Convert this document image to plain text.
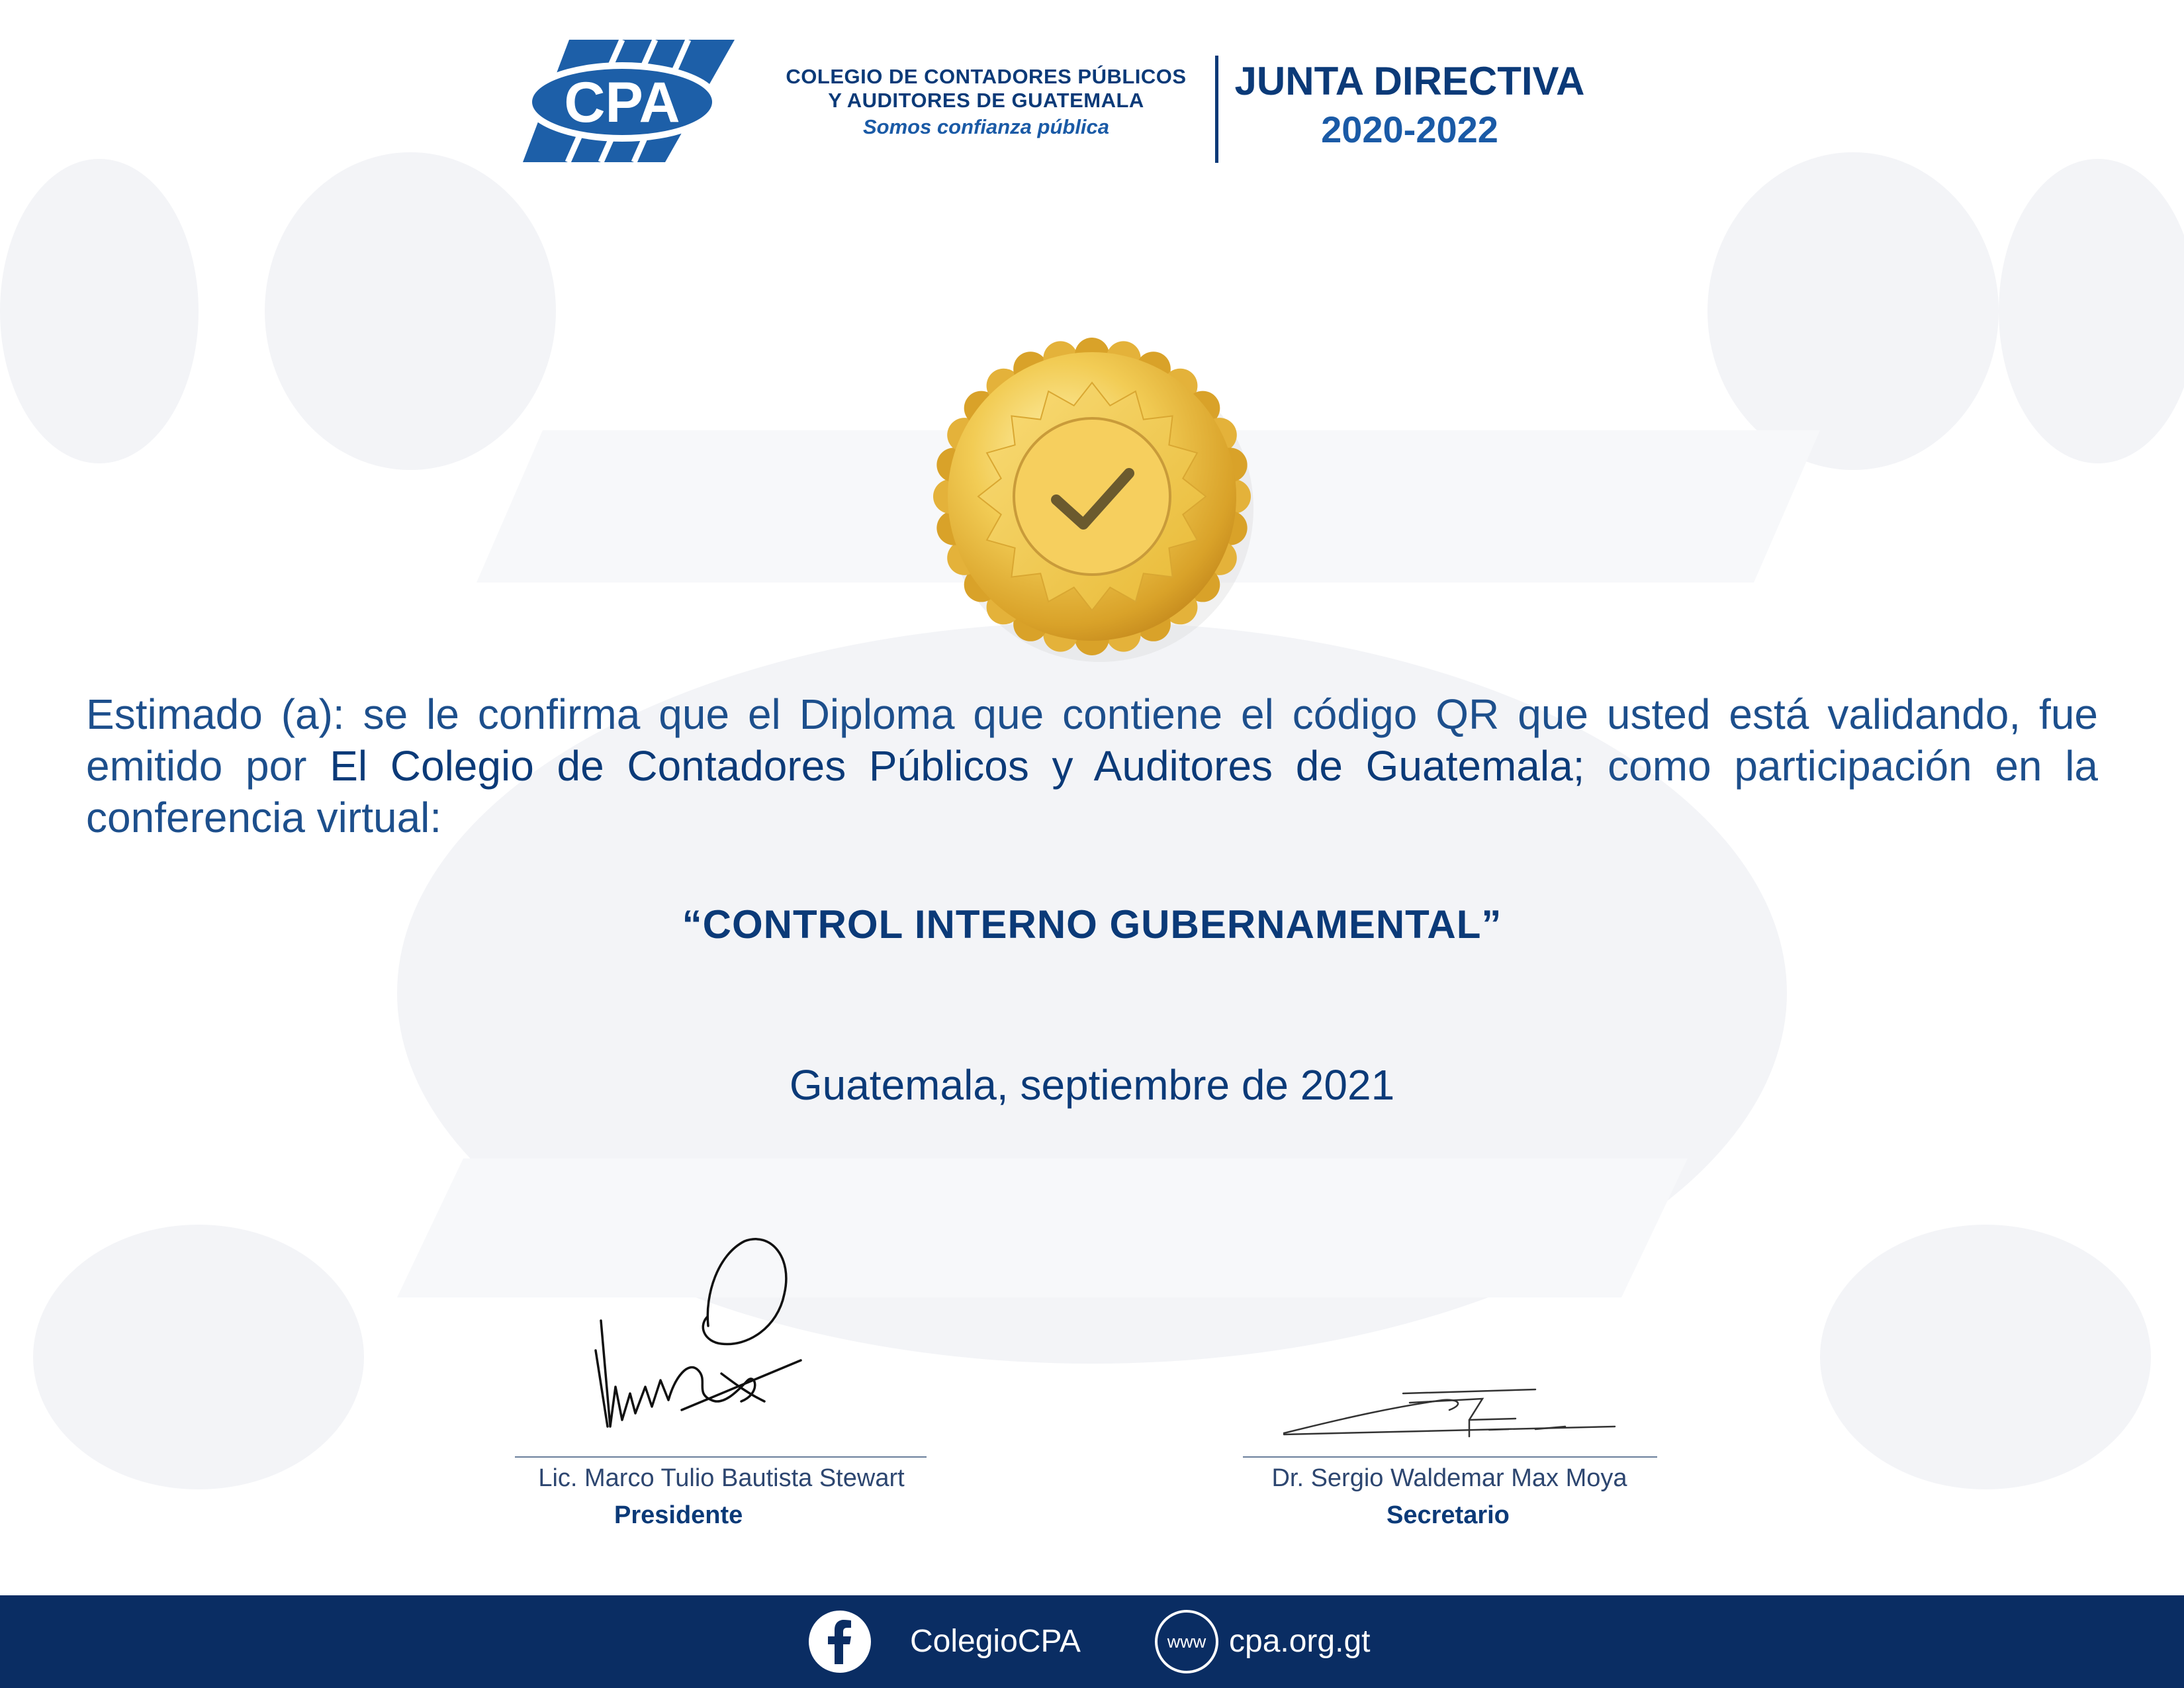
CPA	COLEGIO DE CONTADORES PÚBLICOS
Y AUDITORES DE GUATEMALA
Somos confianza pública
JUNTA DIRECTIVA
2020-2022
Estimado (a): se le confirma que el Diploma que contiene el código QR que usted está validando, fue emitido por El Colegio de Contadores Públicos y Auditores de Guatemala; como participación en la conferencia virtual:
“CONTROL INTERNO GUBERNAMENTAL”
Guatemala, septiembre de 2021
Lic. Marco Tulio Bautista Stewart	Dr. Sergio Waldemar Max Moya
Presidente	Secretario
ColegioCPA	www cpa.org.gt
